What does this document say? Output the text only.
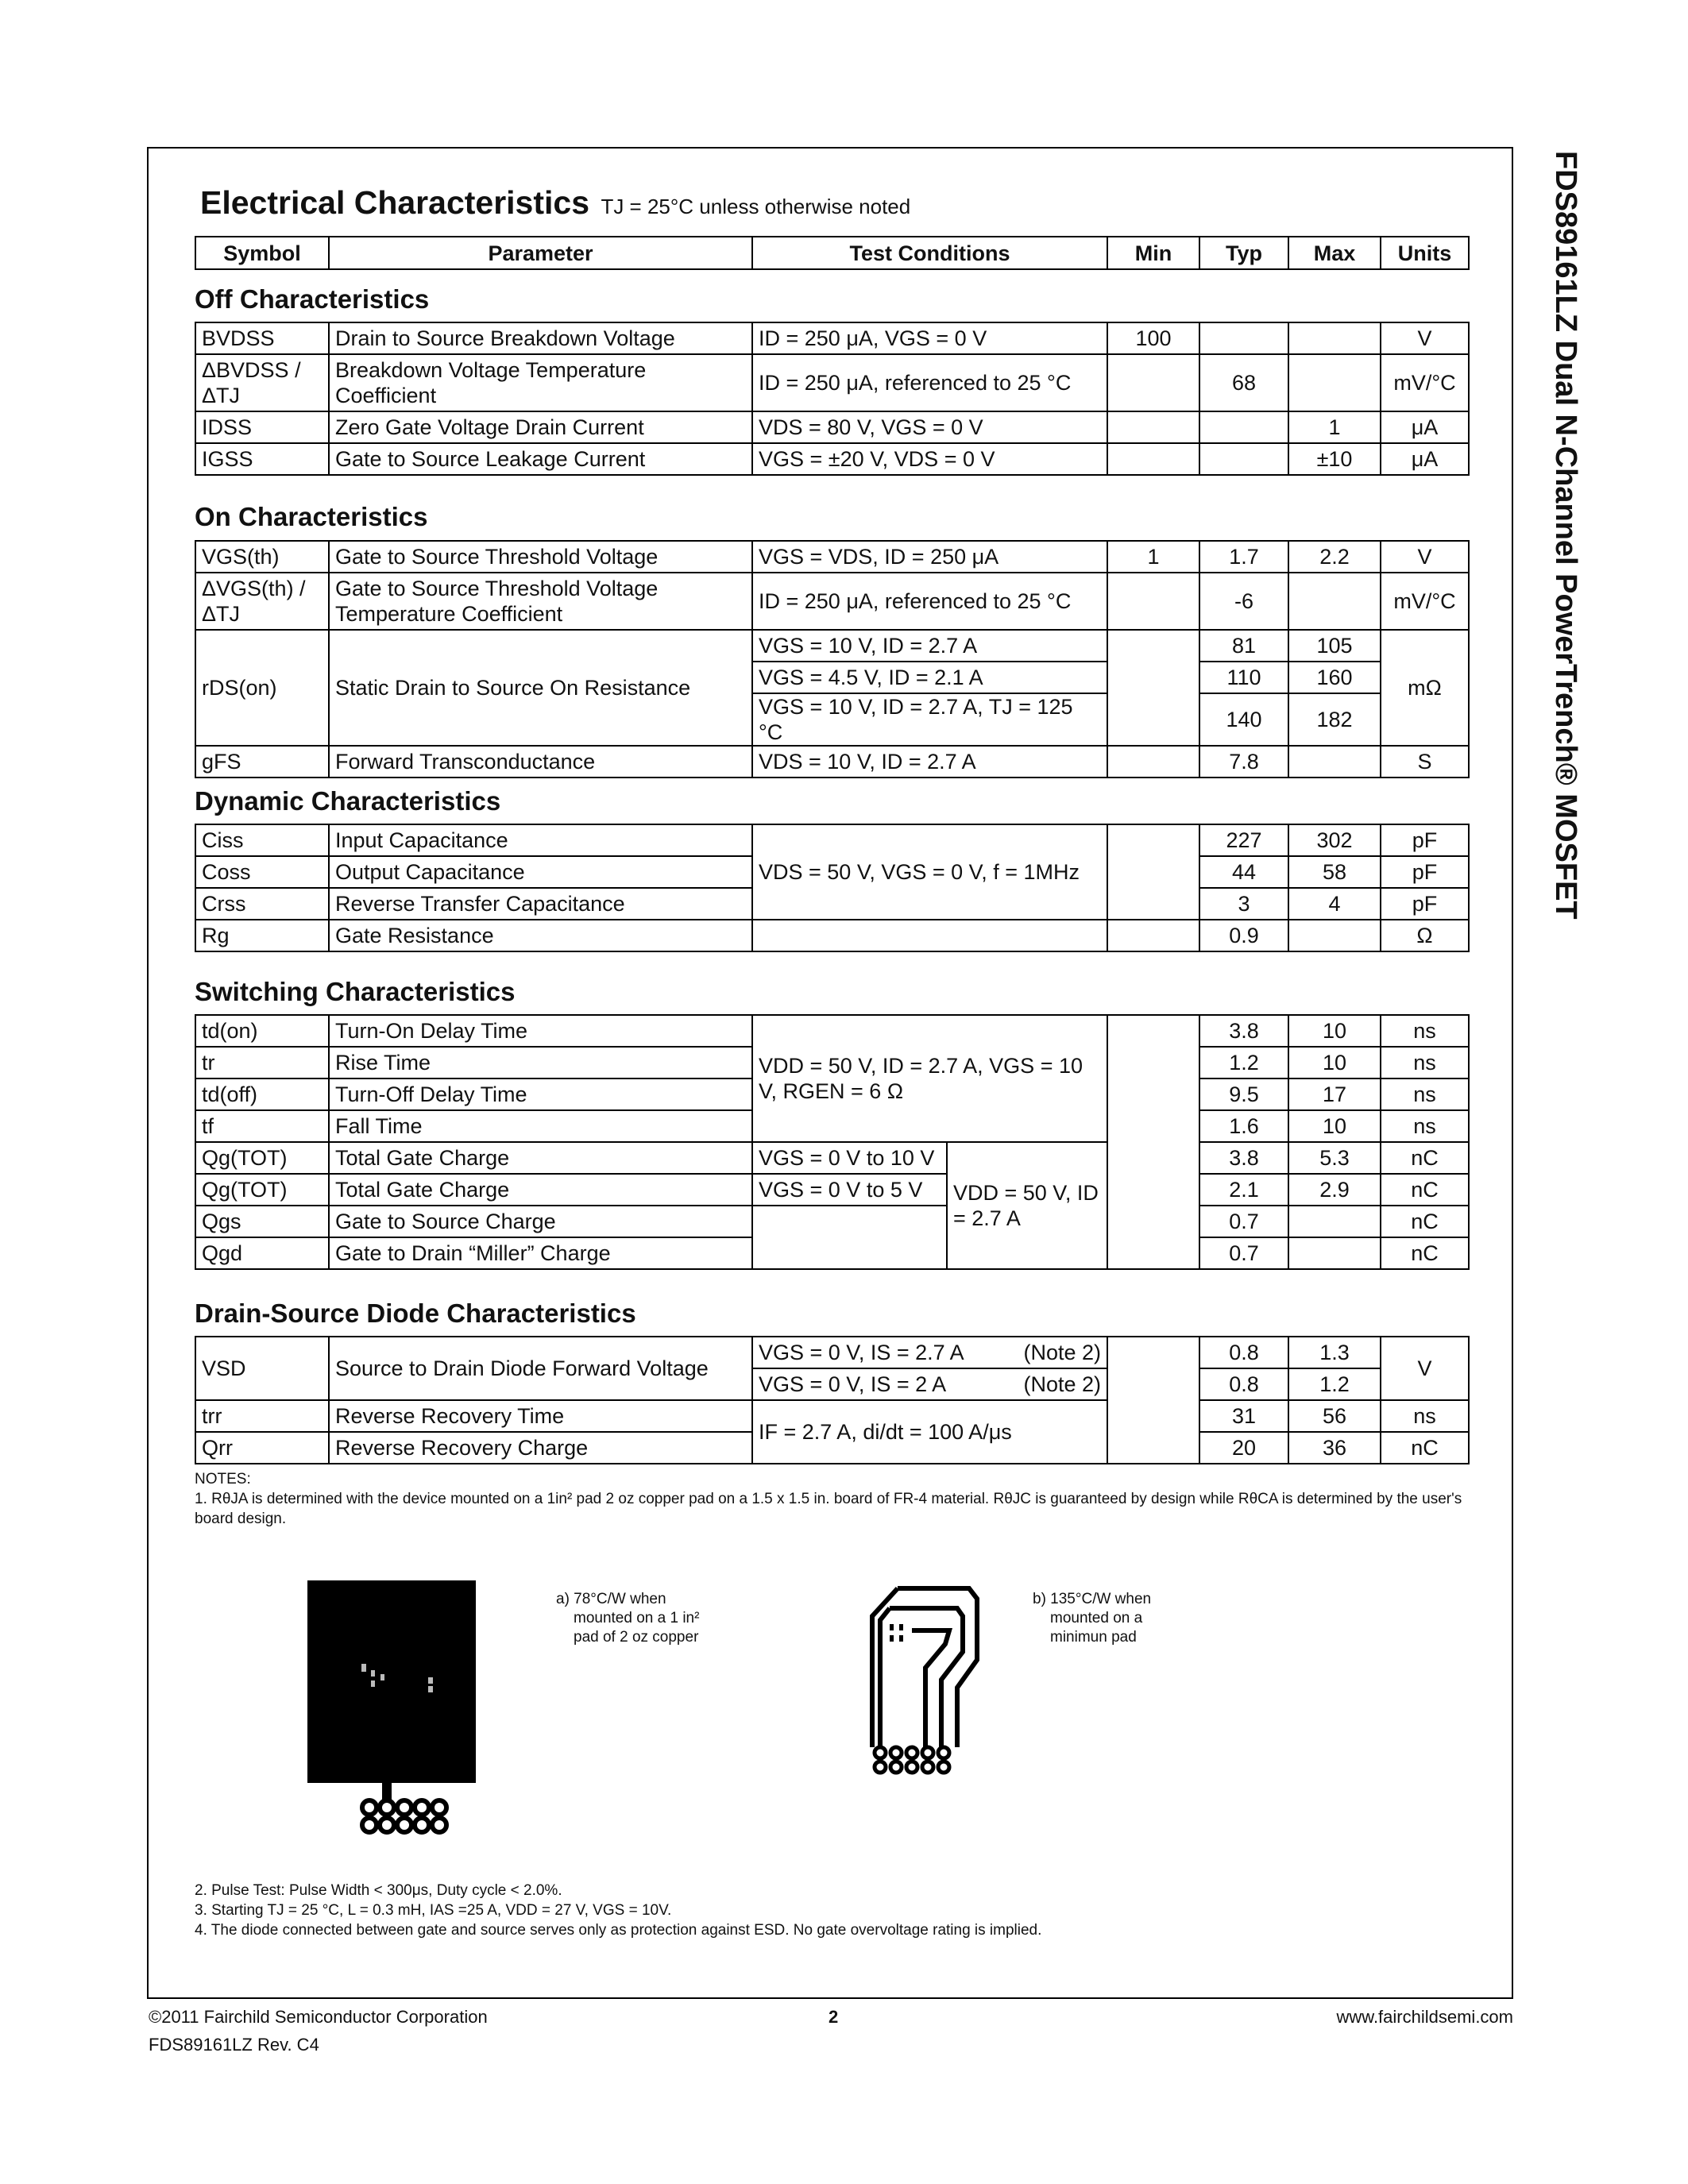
FDS89161LZ Dual N-Channel PowerTrench® MOSFET
Electrical Characteristics TJ = 25°C unless otherwise noted
Symbol	Parameter	Test Conditions	Min	Typ	Max	Units
Off Characteristics
BVDSS	Drain to Source Breakdown Voltage	ID = 250 μA, VGS = 0 V	100			V
ΔBVDSS / ΔTJ	Breakdown Voltage Temperature Coefficient	ID = 250 μA, referenced to 25 °C		68		mV/°C
IDSS	Zero Gate Voltage Drain Current	VDS = 80 V, VGS = 0 V			1	μA
IGSS	Gate to Source Leakage Current	VGS = ±20 V, VDS = 0 V			±10	μA
On Characteristics
VGS(th)	Gate to Source Threshold Voltage	VGS = VDS, ID = 250 μA	1	1.7	2.2	V
ΔVGS(th) / ΔTJ	Gate to Source Threshold Voltage Temperature Coefficient	ID = 250 μA, referenced to 25 °C		-6		mV/°C
rDS(on)	Static Drain to Source On Resistance	VGS = 10 V, ID = 2.7 A		81	105	mΩ
		VGS = 4.5 V, ID = 2.1 A		110	160	
		VGS = 10 V, ID = 2.7 A, TJ = 125 °C		140	182	
gFS	Forward Transconductance	VDS = 10 V, ID = 2.7 A		7.8		S
Dynamic Characteristics
Ciss	Input Capacitance	VDS = 50 V, VGS = 0 V, f = 1MHz		227	302	pF
Coss	Output Capacitance			44	58	pF
Crss	Reverse Transfer Capacitance			3	4	pF
Rg	Gate Resistance			0.9		Ω
Switching Characteristics
td(on)	Turn-On Delay Time	VDD = 50 V, ID = 2.7 A, VGS = 10 V, RGEN = 6 Ω			3.8	10	ns
tr	Rise Time				1.2	10	ns
td(off)	Turn-Off Delay Time				9.5	17	ns
tf	Fall Time				1.6	10	ns
Qg(TOT)	Total Gate Charge	VGS = 0 V to 10 V	VDD = 50 V, ID = 2.7 A		3.8	5.3	nC
Qg(TOT)	Total Gate Charge	VGS = 0 V to 5 V			2.1	2.9	nC
Qgs	Gate to Source Charge				0.7		nC
Qgd	Gate to Drain “Miller” Charge				0.7		nC
Drain-Source Diode Characteristics
VSD	Source to Drain Diode Forward Voltage	VGS = 0 V, IS = 2.7 A (Note 2)		0.8	1.3	V
		VGS = 0 V, IS = 2 A (Note 2)		0.8	1.2	
trr	Reverse Recovery Time	IF = 2.7 A, di/dt = 100 A/μs		31	56	ns
Qrr	Reverse Recovery Charge			20	36	nC
NOTES:
1. RθJA is determined with the device mounted on a 1in² pad 2 oz copper pad on a 1.5 x 1.5 in. board of FR-4 material. RθJC is guaranteed by design while RθCA is determined by the user's board design.
a) 78°C/W when
mounted on a 1 in²
pad of 2 oz copper
b) 135°C/W when
mounted on a
minimun pad
2. Pulse Test: Pulse Width < 300μs, Duty cycle < 2.0%.
3. Starting TJ = 25 °C, L = 0.3 mH, IAS =25 A, VDD = 27 V, VGS = 10V.
4. The diode connected between gate and source serves only as protection against ESD. No gate overvoltage rating is implied.
©2011 Fairchild Semiconductor Corporation	2	www.fairchildsemi.com
FDS89161LZ Rev. C4
